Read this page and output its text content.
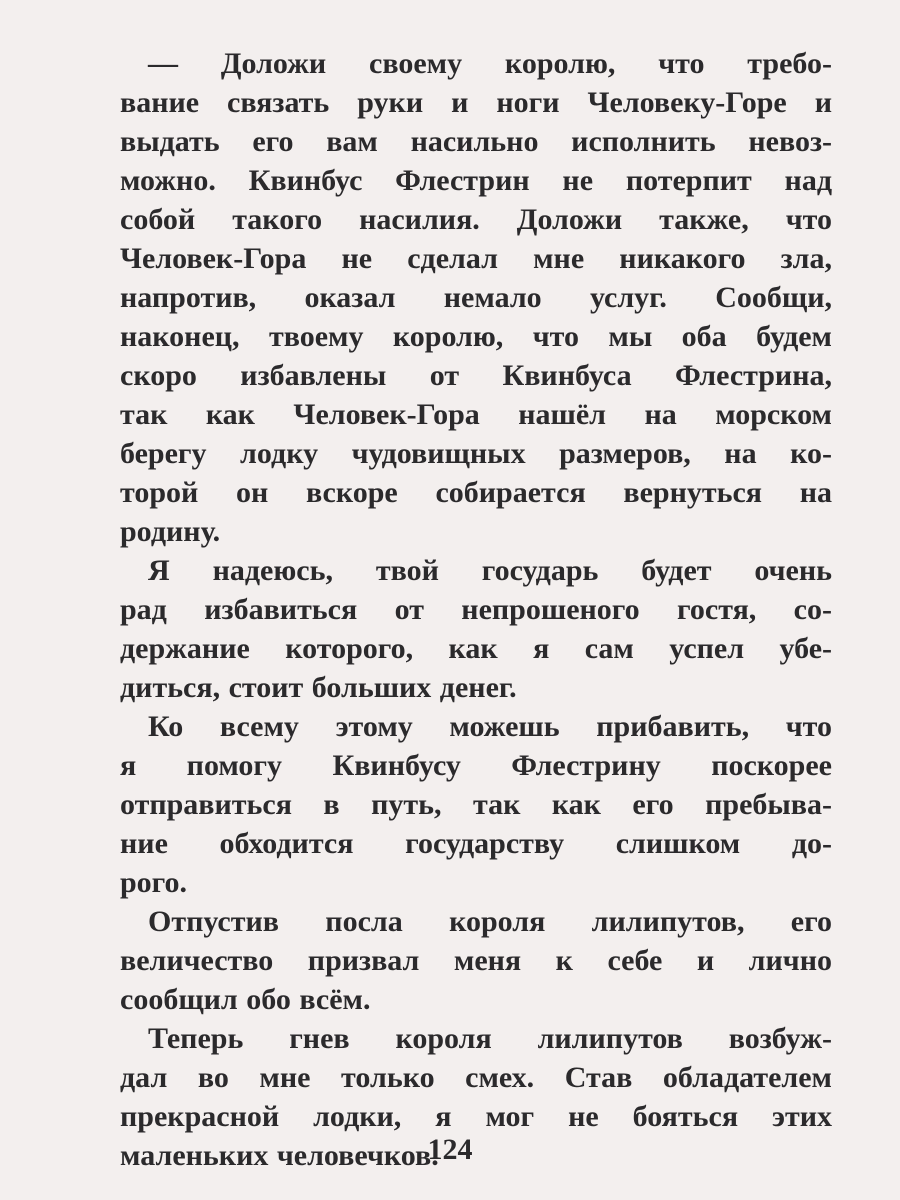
— Доложи своему королю, что требо-
вание связать руки и ноги Человеку-Горе и
выдать его вам насильно исполнить невоз-
можно. Квинбус Флестрин не потерпит над
собой такого насилия. Доложи также, что
Человек-Гора не сделал мне никакого зла,
напротив, оказал немало услуг. Сообщи,
наконец, твоему королю, что мы оба будем
скоро избавлены от Квинбуса Флестрина,
так как Человек-Гора нашёл на морском
берегу лодку чудовищных размеров, на ко-
торой он вскоре собирается вернуться на
родину.
Я надеюсь, твой государь будет очень
рад избавиться от непрошеного гостя, со-
держание которого, как я сам успел убе-
диться, стоит больших денег.
Ко всему этому можешь прибавить, что
я помогу Квинбусу Флестрину поскорее
отправиться в путь, так как его пребыва-
ние обходится государству слишком до-
рого.
Отпустив посла короля лилипутов, его
величество призвал меня к себе и лично
сообщил обо всём.
Теперь гнев короля лилипутов возбуж-
дал во мне только смех. Став обладателем
прекрасной лодки, я мог не бояться этих
маленьких человечков.
124
